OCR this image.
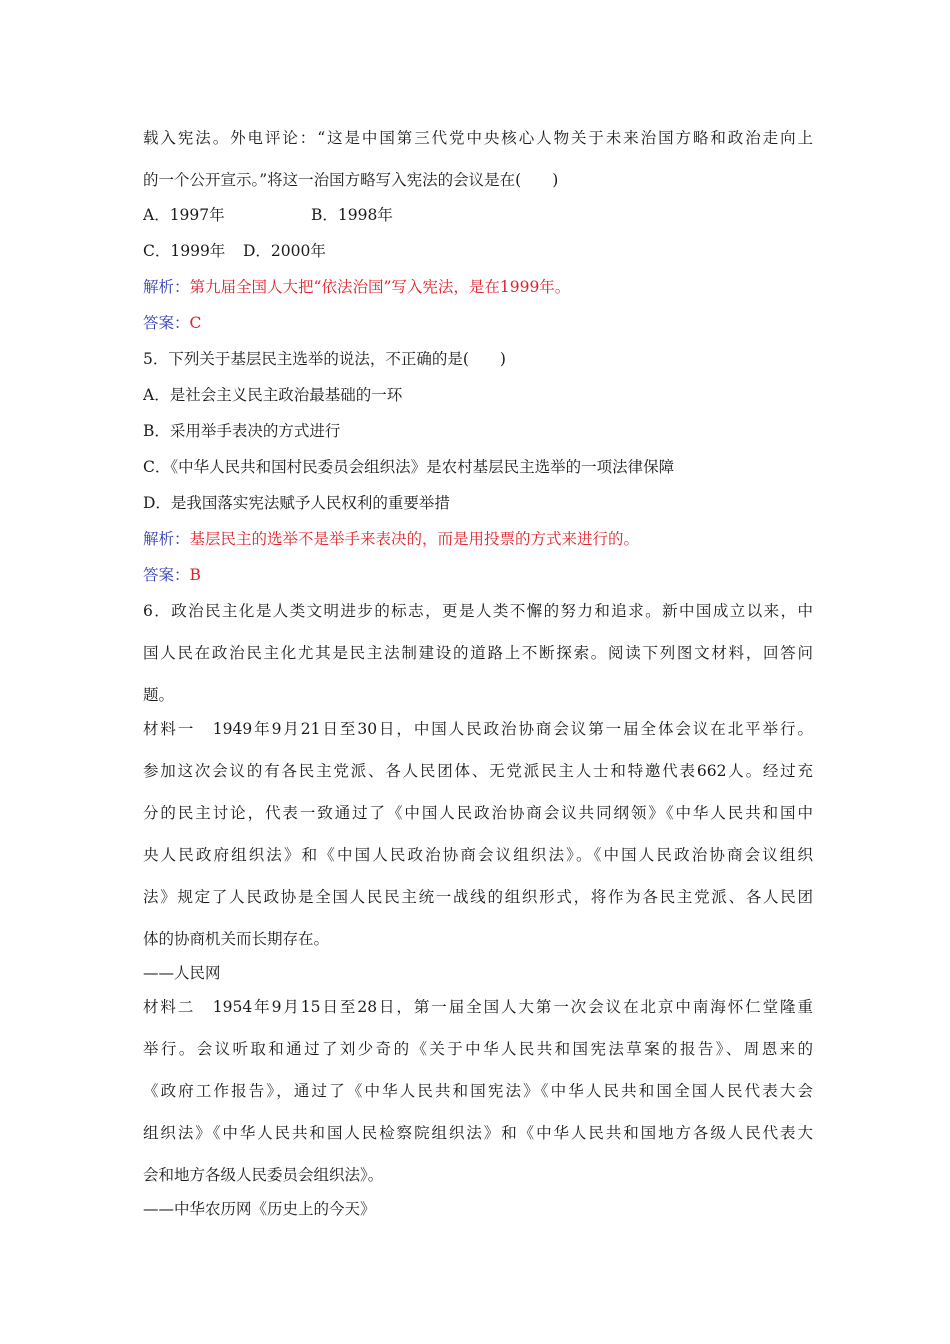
载入宪法。外电评论：“这是中国第三代党中央核心人物关于未来治国方略和政治走向上
的一个公开宣示。”将这一治国方略写入宪法的会议是在(　　)
A．1997年	B．1998年
C．1999年 D．2000年
解析：第九届全国人大把“依法治国”写入宪法，是在1999年。
答案：C
5．下列关于基层民主选举的说法，不正确的是(　　)
A．是社会主义民主政治最基础的一环
B．采用举手表决的方式进行
C．《中华人民共和国村民委员会组织法》是农村基层民主选举的一项法律保障
D．是我国落实宪法赋予人民权利的重要举措
解析：基层民主的选举不是举手来表决的，而是用投票的方式来进行的。
答案：B
6．政治民主化是人类文明进步的标志，更是人类不懈的努力和追求。新中国成立以来，中
国人民在政治民主化尤其是民主法制建设的道路上不断探索。阅读下列图文材料，回答问
题。
材料一　1949年9月21日至30日，中国人民政治协商会议第一届全体会议在北平举行。
参加这次会议的有各民主党派、各人民团体、无党派民主人士和特邀代表662人。经过充
分的民主讨论，代表一致通过了《中国人民政治协商会议共同纲领》《中华人民共和国中
央人民政府组织法》和《中国人民政治协商会议组织法》。《中国人民政治协商会议组织
法》规定了人民政协是全国人民民主统一战线的组织形式，将作为各民主党派、各人民团
体的协商机关而长期存在。
——人民网
材料二　1954年9月15日至28日，第一届全国人大第一次会议在北京中南海怀仁堂隆重
举行。会议听取和通过了刘少奇的《关于中华人民共和国宪法草案的报告》、周恩来的
《政府工作报告》，通过了《中华人民共和国宪法》《中华人民共和国全国人民代表大会
组织法》《中华人民共和国人民检察院组织法》和《中华人民共和国地方各级人民代表大
会和地方各级人民委员会组织法》。
——中华农历网《历史上的今天》
